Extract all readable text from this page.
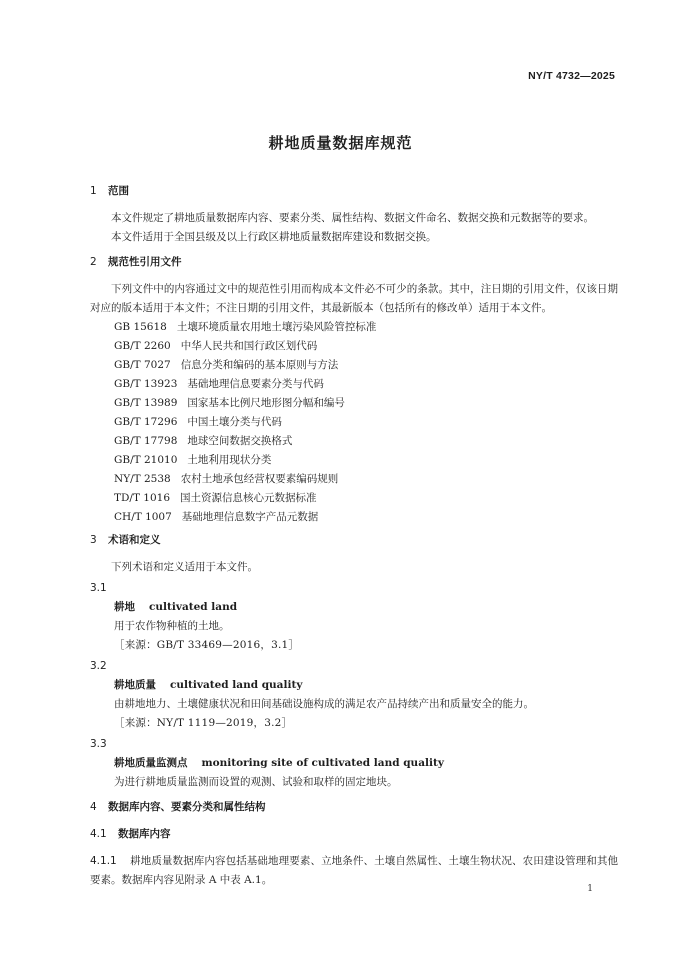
NY/T 4732—2025
耕地质量数据库规范
1 范围

本文件规定了耕地质量数据库内容、要素分类、属性结构、数据文件命名、数据交换和元数据等的要求。

本文件适用于全国县级及以上行政区耕地质量数据库建设和数据交换。

2 规范性引用文件

下列文件中的内容通过文中的规范性引用而构成本文件必不可少的条款。其中，注日期的引用文件，仅该日期对应的版本适用于本文件；不注日期的引用文件，其最新版本（包括所有的修改单）适用于本文件。

GB 15618 土壤环境质量农用地土壤污染风险管控标准
GB/T 2260 中华人民共和国行政区划代码
GB/T 7027 信息分类和编码的基本原则与方法
GB/T 13923 基础地理信息要素分类与代码
GB/T 13989 国家基本比例尺地形图分幅和编号
GB/T 17296 中国土壤分类与代码
GB/T 17798 地球空间数据交换格式
GB/T 21010 土地利用现状分类
NY/T 2538 农村土地承包经营权要素编码规则
TD/T 1016 国土资源信息核心元数据标准
CH/T 1007 基础地理信息数字产品元数据
3 术语和定义

下列术语和定义适用于本文件。

3.1
耕地 cultivated land
用于农作物种植的土地。
［来源：GB/T 33469—2016，3.1］
3.2
耕地质量 cultivated land quality
由耕地地力、土壤健康状况和田间基础设施构成的满足农产品持续产出和质量安全的能力。
［来源：NY/T 1119—2019，3.2］
3.3
耕地质量监测点 monitoring site of cultivated land quality
为进行耕地质量监测而设置的观测、试验和取样的固定地块。
4 数据库内容、要素分类和属性结构
4.1 数据库内容

4.1.1 耕地质量数据库内容包括基础地理要素、立地条件、土壤自然属性、土壤生物状况、农田建设管理和其他要素。数据库内容见附录 A 中表 A.1。

1
